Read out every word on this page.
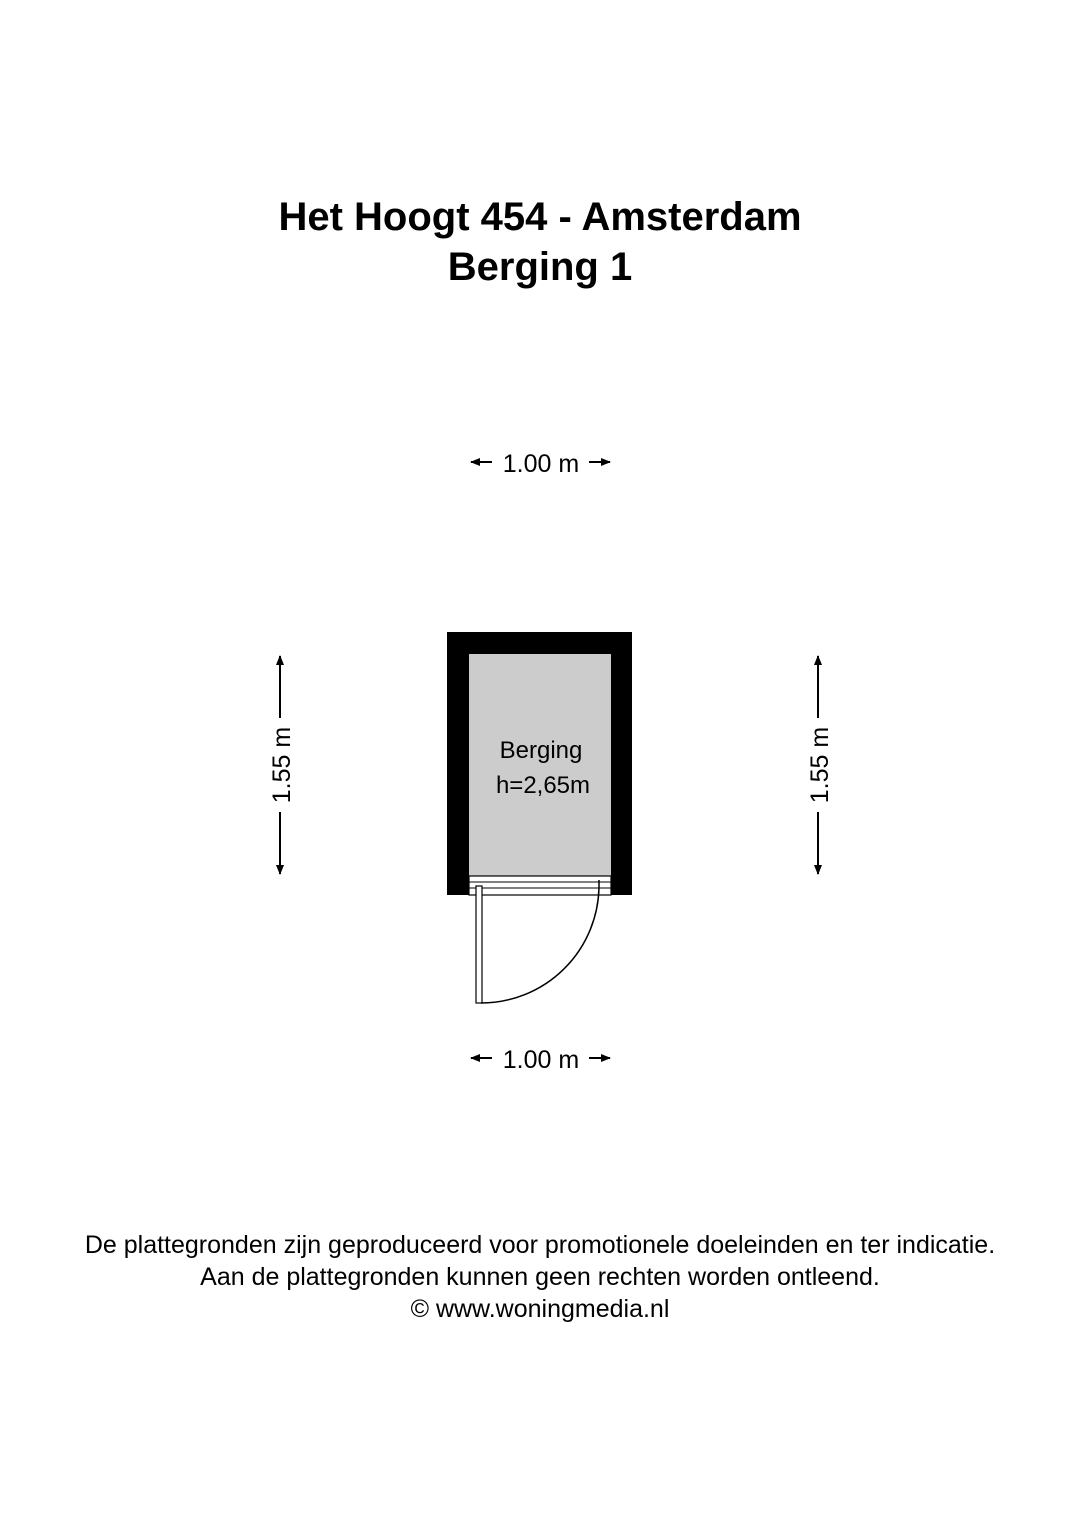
Het Hoogt 454 - Amsterdam
Berging 1
1.00 m
1.00 m
1.55 m	1.55 m
Berging
h=2,65m
De plattegronden zijn geproduceerd voor promotionele doeleinden en ter indicatie.
Aan de plattegronden kunnen geen rechten worden ontleend.
© www.woningmedia.nl
